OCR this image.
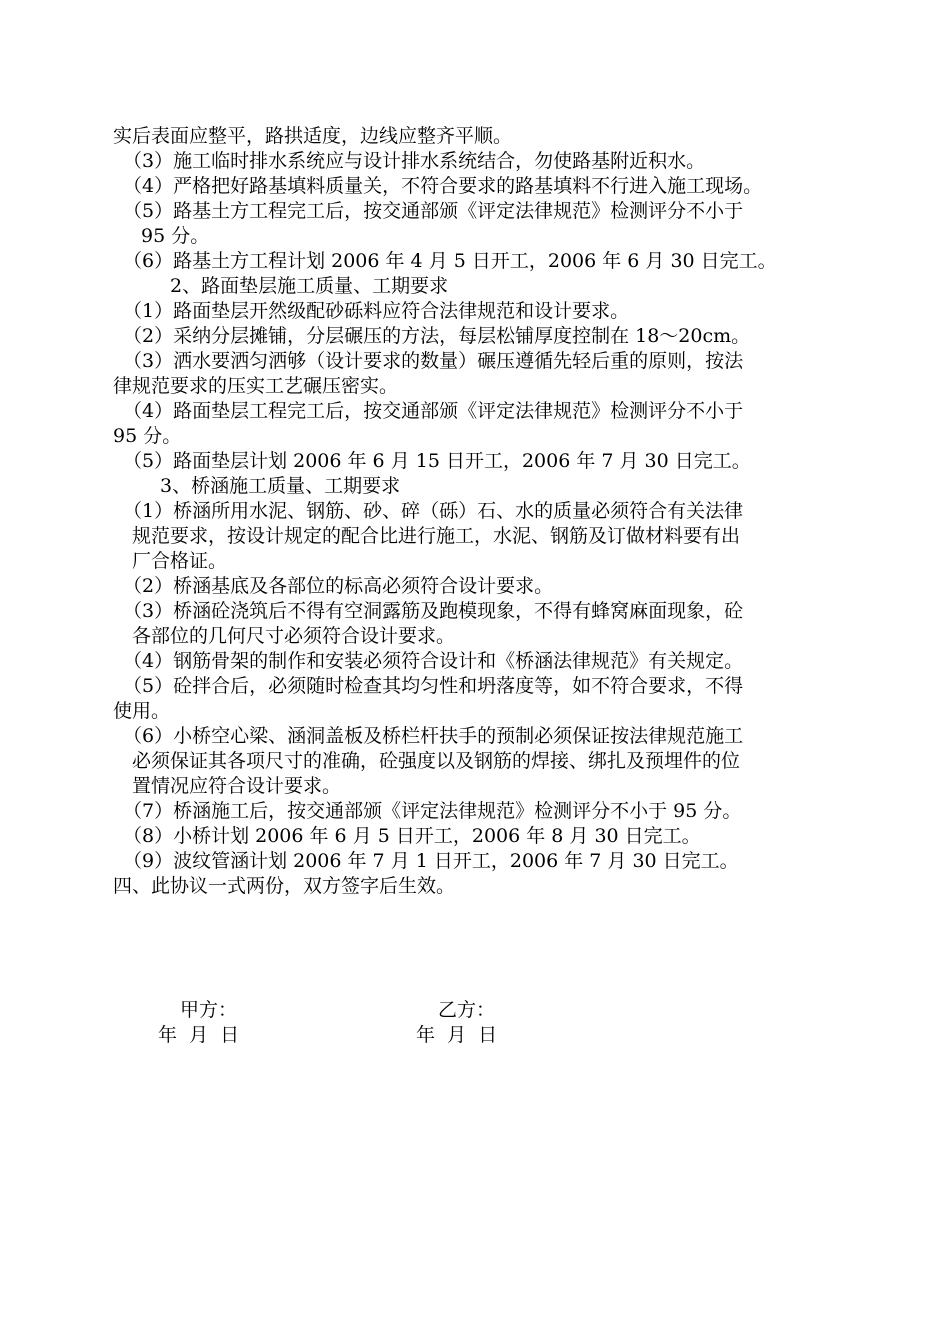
实后表面应整平，路拱适度，边线应整齐平顺。
（3）施工临时排水系统应与设计排水系统结合，勿使路基附近积水。
（4）严格把好路基填料质量关，不符合要求的路基填料不行进入施工现场。
（5）路基土方工程完工后，按交通部颁《评定法律规范》检测评分不小于
95 分。
（6）路基土方工程计划 2006 年 4 月 5 日开工，2006 年 6 月 30 日完工。
2、路面垫层施工质量、工期要求
（1）路面垫层开然级配砂砾料应符合法律规范和设计要求。
（2）采纳分层摊铺，分层碾压的方法，每层松铺厚度控制在 18～20cm。
（3）洒水要洒匀洒够（设计要求的数量）碾压遵循先轻后重的原则，按法
律规范要求的压实工艺碾压密实。
（4）路面垫层工程完工后，按交通部颁《评定法律规范》检测评分不小于
95 分。
（5）路面垫层计划 2006 年 6 月 15 日开工，2006 年 7 月 30 日完工。
3、桥涵施工质量、工期要求
（1）桥涵所用水泥、钢筋、砂、碎（砾）石、水的质量必须符合有关法律
规范要求，按设计规定的配合比进行施工，水泥、钢筋及订做材料要有出
厂合格证。
（2）桥涵基底及各部位的标高必须符合设计要求。
（3）桥涵砼浇筑后不得有空洞露筋及跑模现象，不得有蜂窝麻面现象，砼
各部位的几何尺寸必须符合设计要求。
（4）钢筋骨架的制作和安装必须符合设计和《桥涵法律规范》有关规定。
（5）砼拌合后，必须随时检查其均匀性和坍落度等，如不符合要求，不得
使用。
（6）小桥空心梁、涵洞盖板及桥栏杆扶手的预制必须保证按法律规范施工
必须保证其各项尺寸的准确，砼强度以及钢筋的焊接、绑扎及预埋件的位
置情况应符合设计要求。
（7）桥涵施工后，按交通部颁《评定法律规范》检测评分不小于 95 分。
（8）小桥计划 2006 年 6 月 5 日开工，2006 年 8 月 30 日完工。
（9）波纹管涵计划 2006 年 7 月 1 日开工，2006 年 7 月 30 日完工。
四、此协议一式两份，双方签字后生效。
甲方：	乙方：
年  月  日	年  月  日
